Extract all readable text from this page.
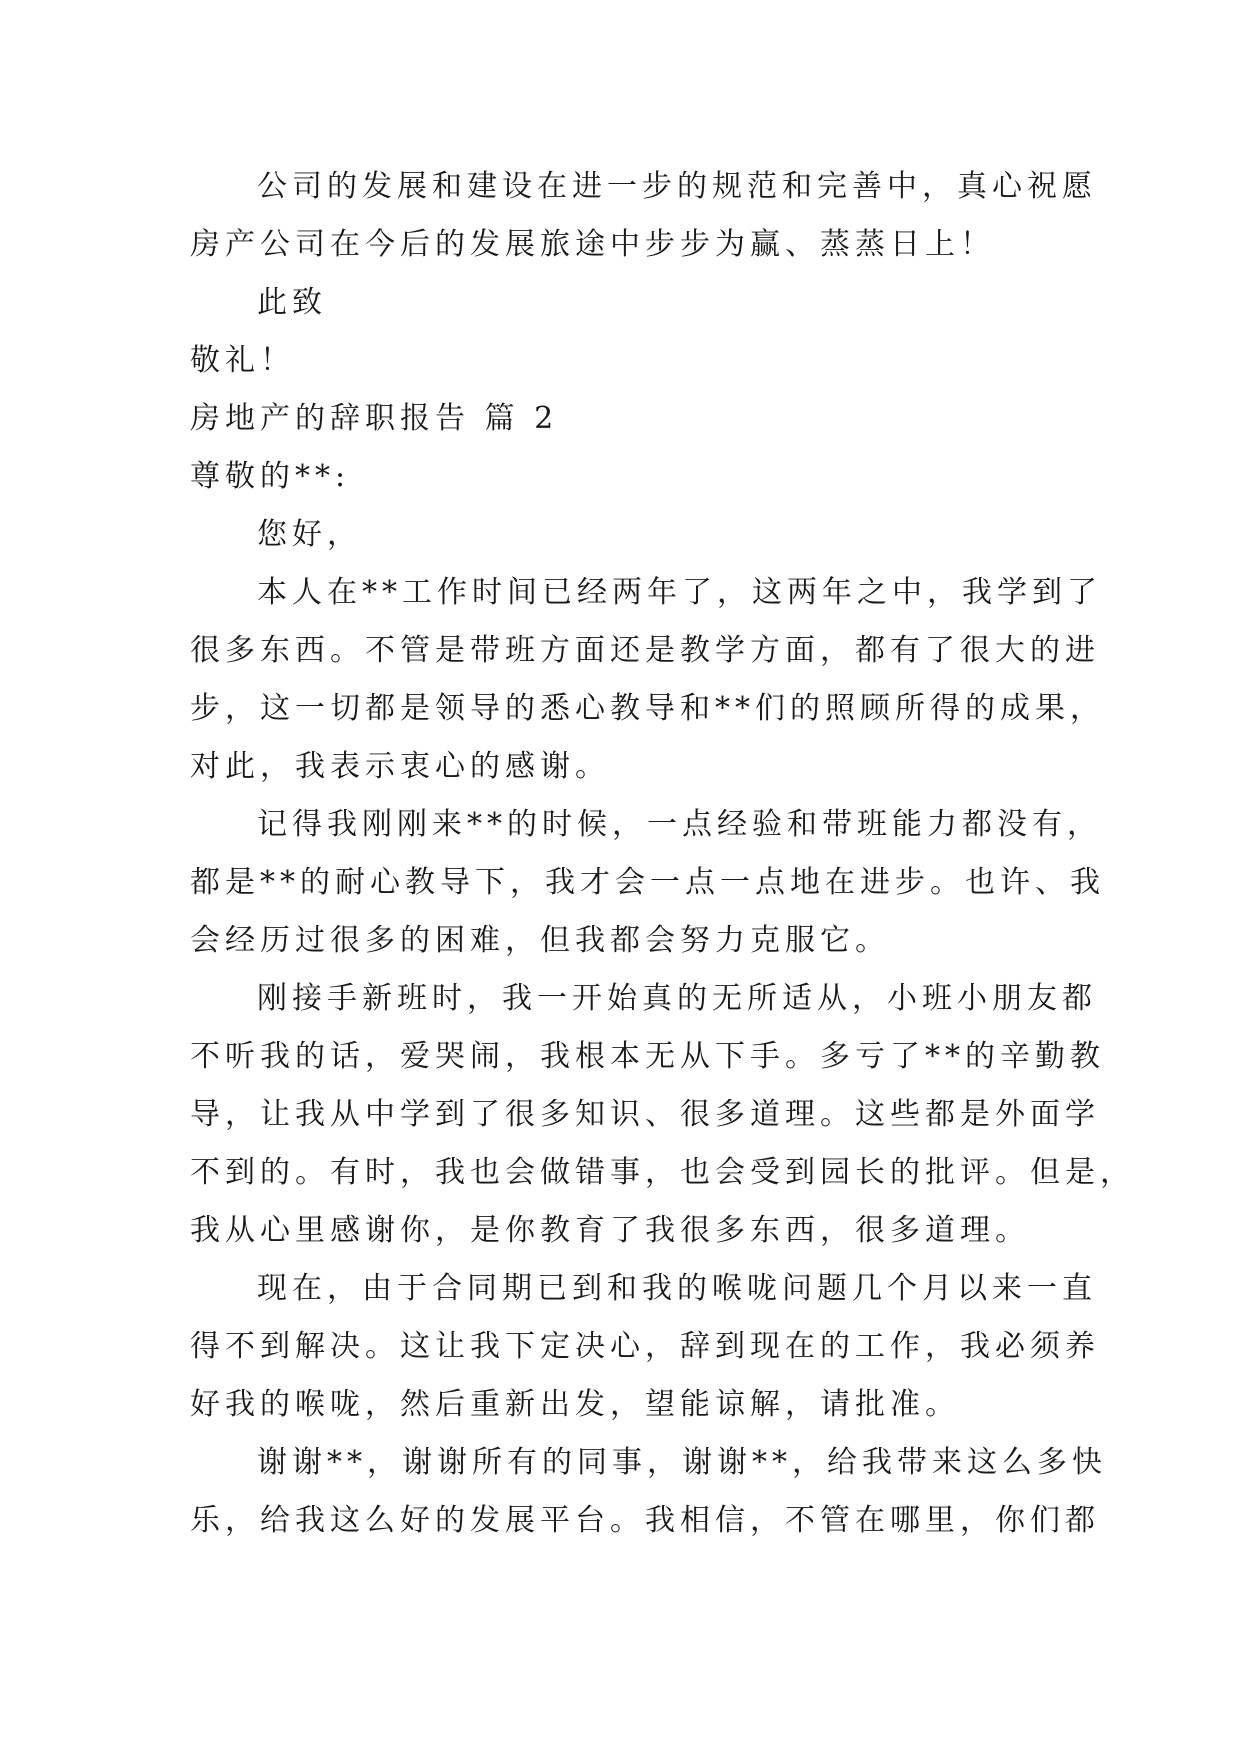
公司的发展和建设在进一步的规范和完善中，真心祝愿
房产公司在今后的发展旅途中步步为赢、蒸蒸日上！
此致
敬礼！
房地产的辞职报告 篇 2
尊敬的**:
您好，
本人在**工作时间已经两年了，这两年之中，我学到了
很多东西。不管是带班方面还是教学方面，都有了很大的进
步，这一切都是领导的悉心教导和**们的照顾所得的成果，
对此，我表示衷心的感谢。
记得我刚刚来**的时候，一点经验和带班能力都没有，
都是**的耐心教导下，我才会一点一点地在进步。也许、我
会经历过很多的困难，但我都会努力克服它。
刚接手新班时，我一开始真的无所适从，小班小朋友都
不听我的话，爱哭闹，我根本无从下手。多亏了**的辛勤教
导，让我从中学到了很多知识、很多道理。这些都是外面学
不到的。有时，我也会做错事，也会受到园长的批评。但是，
我从心里感谢你，是你教育了我很多东西，很多道理。
现在，由于合同期已到和我的喉咙问题几个月以来一直
得不到解决。这让我下定决心，辞到现在的工作，我必须养
好我的喉咙，然后重新出发，望能谅解，请批准。
谢谢**，谢谢所有的同事，谢谢**，给我带来这么多快
乐，给我这么好的发展平台。我相信，不管在哪里，你们都
